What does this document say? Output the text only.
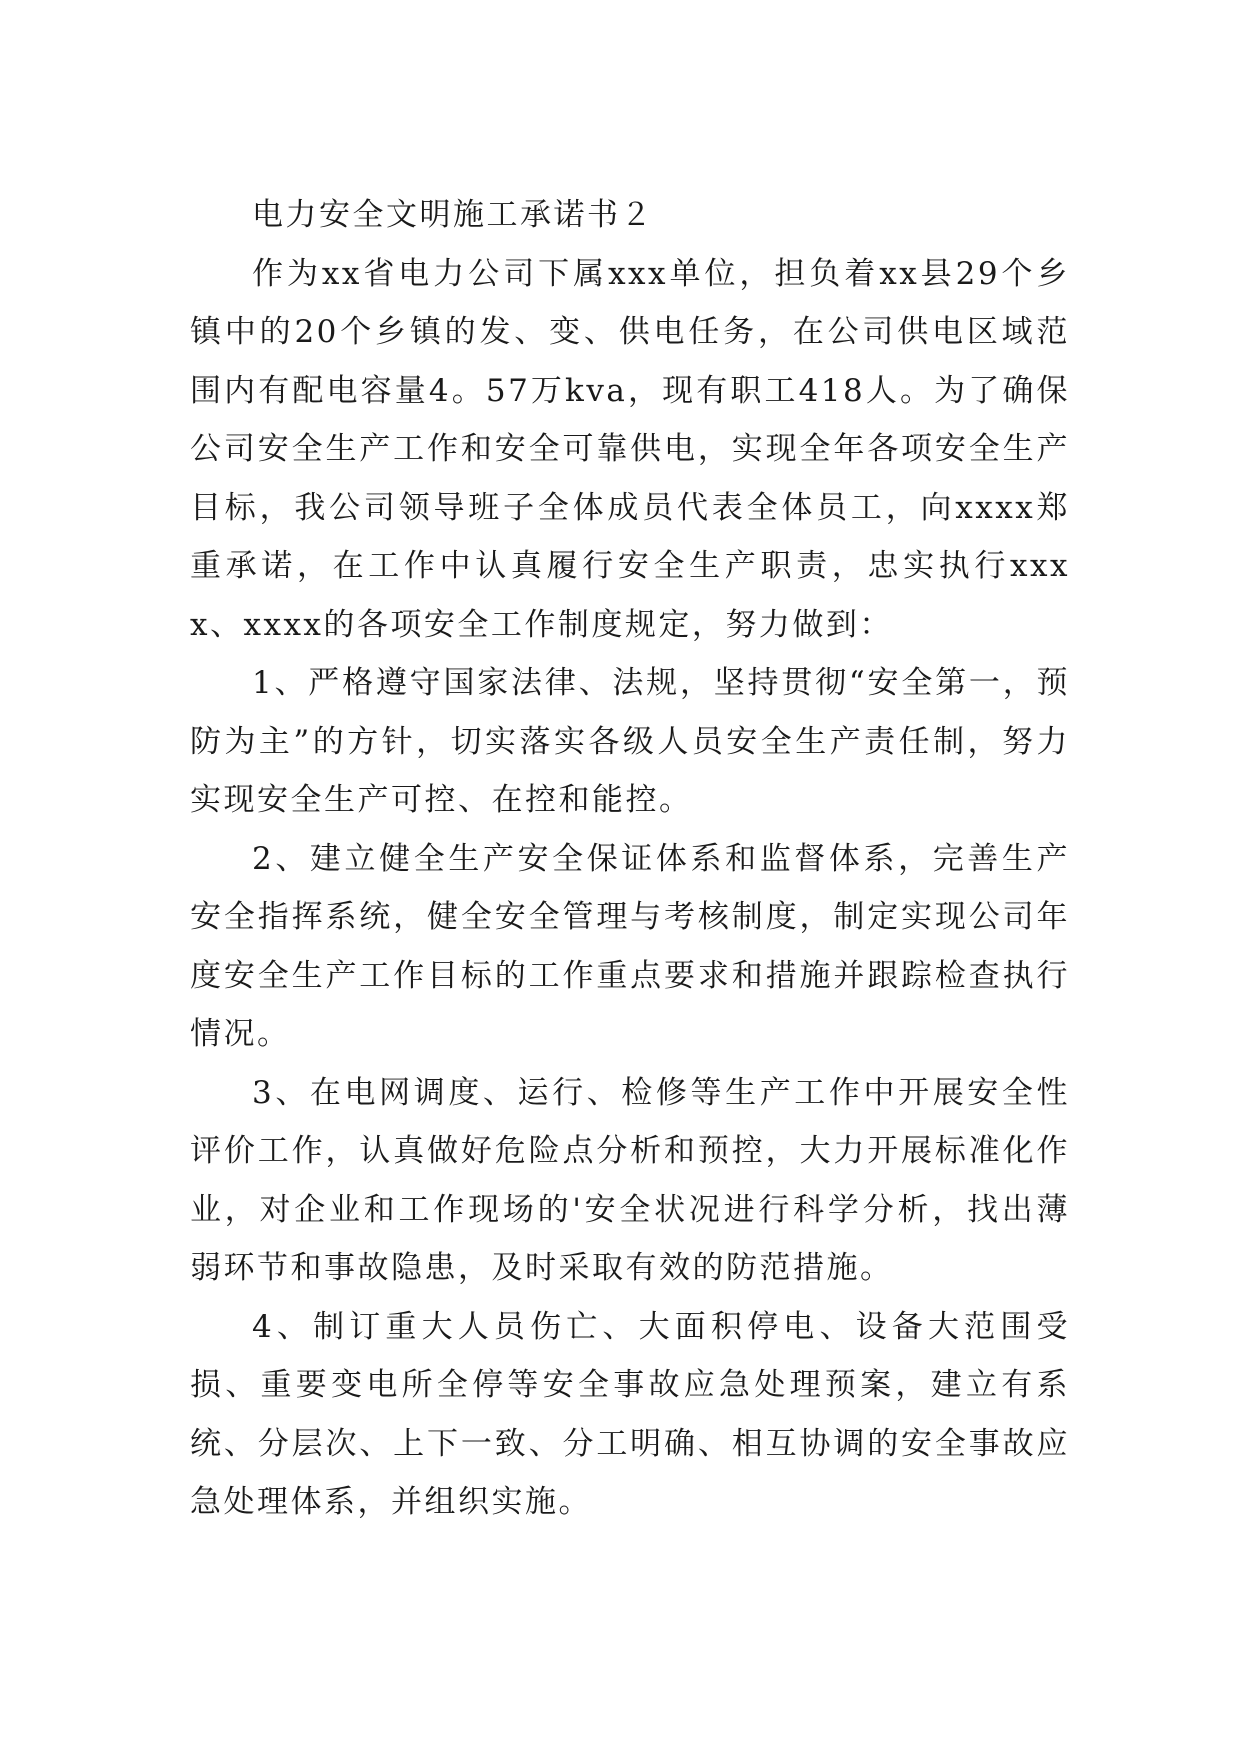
电力安全文明施工承诺书２

作为xx省电力公司下属xxx单位，担负着xx县29个乡镇中的20个乡镇的发、变、供电任务，在公司供电区域范围内有配电容量4。57万kva，现有职工418人。为了确保公司安全生产工作和安全可靠供电，实现全年各项安全生产目标，我公司领导班子全体成员代表全体员工，向xxxx郑重承诺，在工作中认真履行安全生产职责，忠实执行xxxx、xxxx的各项安全工作制度规定，努力做到：

1、严格遵守国家法律、法规，坚持贯彻“安全第一，预防为主”的方针，切实落实各级人员安全生产责任制，努力实现安全生产可控、在控和能控。

2、建立健全生产安全保证体系和监督体系，完善生产安全指挥系统，健全安全管理与考核制度，制定实现公司年度安全生产工作目标的工作重点要求和措施并跟踪检查执行情况。

3、在电网调度、运行、检修等生产工作中开展安全性评价工作，认真做好危险点分析和预控，大力开展标准化作业，对企业和工作现场的'安全状况进行科学分析，找出薄弱环节和事故隐患，及时采取有效的防范措施。

4、制订重大人员伤亡、大面积停电、设备大范围受损、重要变电所全停等安全事故应急处理预案，建立有系统、分层次、上下一致、分工明确、相互协调的安全事故应急处理体系，并组织实施。
